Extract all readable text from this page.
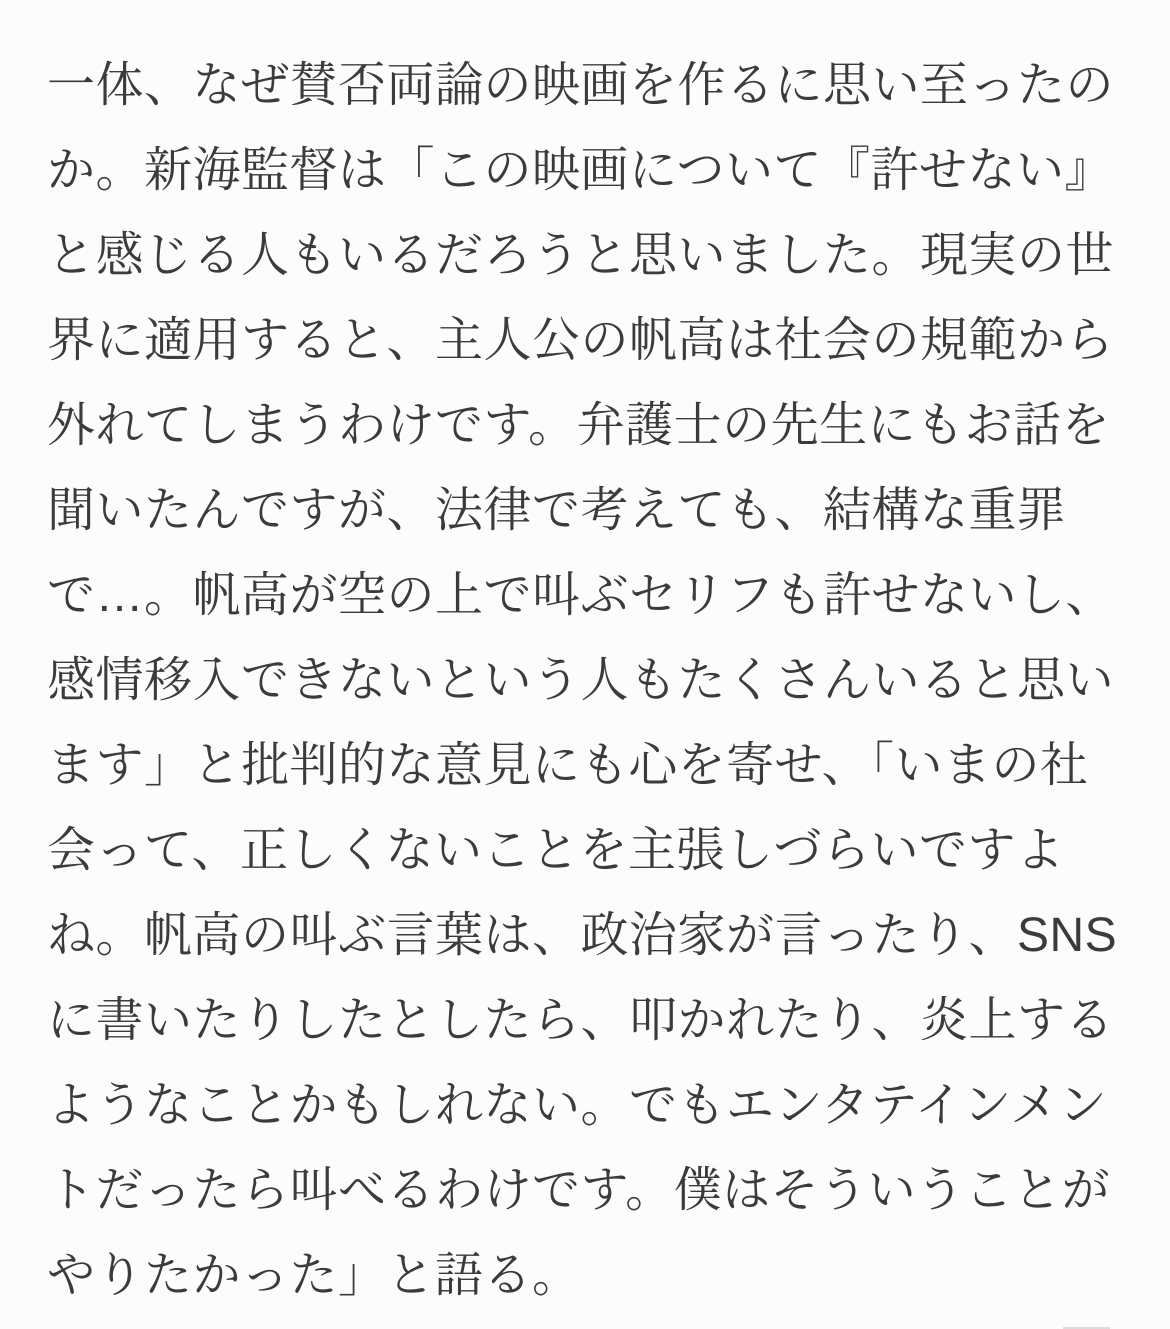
一体、なぜ賛否両論の映画を作るに思い至ったのか。新海監督は「この映画について『許せない』と感じる人もいるだろうと思いました。現実の世界に適用すると、主人公の帆高は社会の規範から外れてしまうわけです。弁護士の先生にもお話を聞いたんですが、法律で考えても、結構な重罪で…。帆高が空の上で叫ぶセリフも許せないし、感情移入できないという人もたくさんいると思います」と批判的な意見にも心を寄せ、「いまの社会って、正しくないことを主張しづらいですよね。帆高の叫ぶ言葉は、政治家が言ったり、SNSに書いたりしたとしたら、叩かれたり、炎上するようなことかもしれない。でもエンタテインメントだったら叫べるわけです。僕はそういうことがやりたかった」と語る。
